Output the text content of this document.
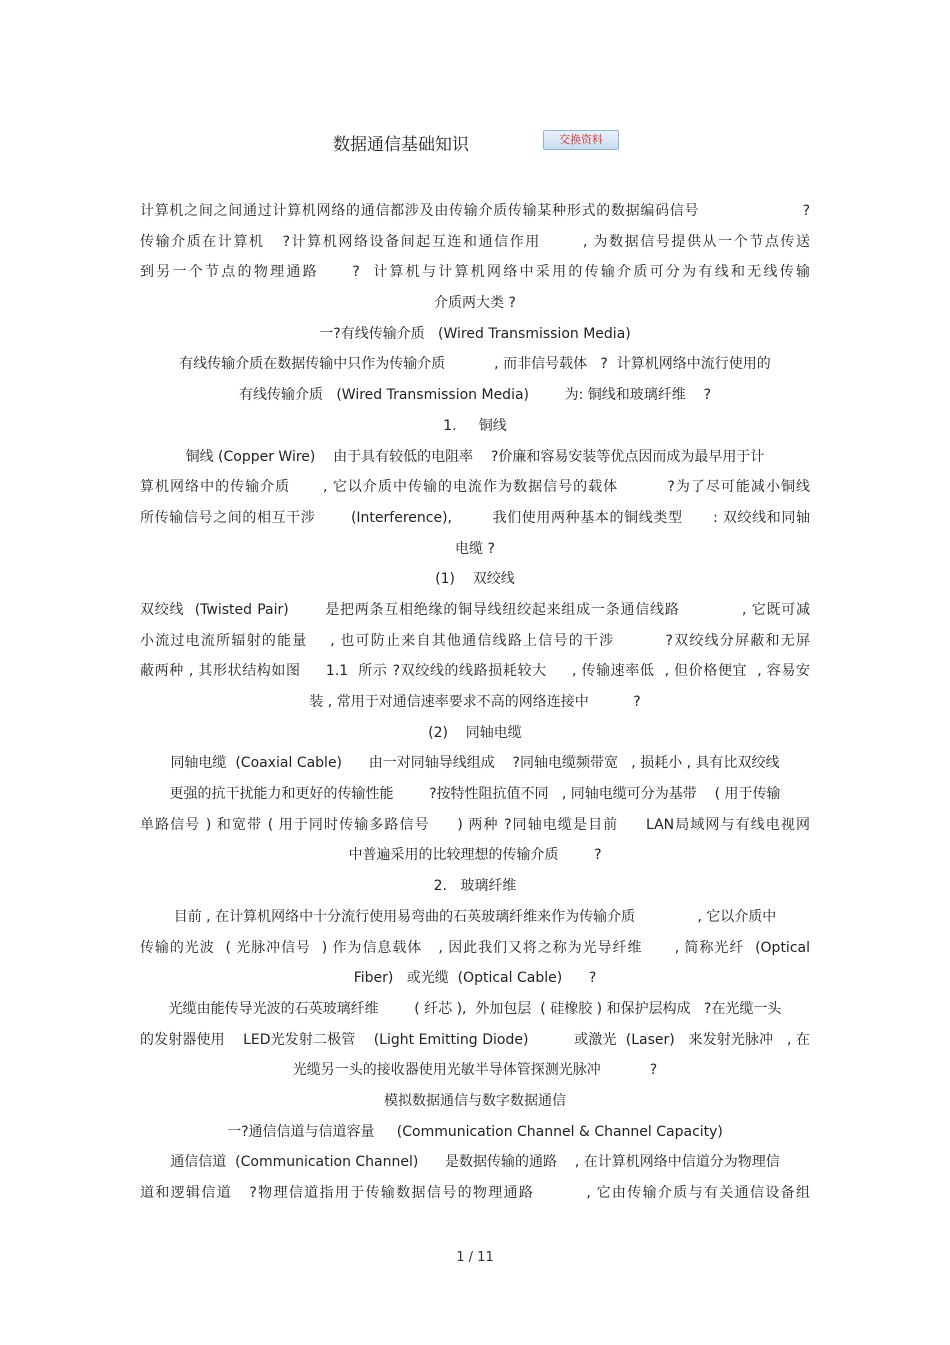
数据通信基础知识	交换资料
计算机之间之间通过计算机网络的通信都涉及由传输介质传输某种形式的数据编码信号                    ?
传输介质在计算机   ?计算机网络设备间起互连和通信作用       , 为数据信号提供从一个节点传送
到另一个节点的物理通路     ?  计算机与计算机网络中采用的传输介质可分为有线和无线传输
介质两大类 ?
一?有线传输介质   (Wired Transmission Media)
有线传输介质在数据传输中只作为传输介质           , 而非信号载体   ?  计算机网络中流行使用的
有线传输介质   (Wired Transmission Media)        为: 铜线和玻璃纤维    ?
1.     铜线
铜线 (Copper Wire)    由于具有较低的电阻率    ?价廉和容易安装等优点因而成为最早用于计
算机网络中的传输介质      , 它以介质中传输的电流作为数据信号的载体         ?为了尽可能减小铜线
所传输信号之间的相互干涉       (Interference),        我们使用两种基本的铜线类型      : 双绞线和同轴
电缆 ?
(1)    双绞线
双绞线  (Twisted Pair)       是把两条互相绝缘的铜导线纽绞起来组成一条通信线路            , 它既可减
小流过电流所辐射的能量    , 也可防止来自其他通信线路上信号的干涉         ?双绞线分屏蔽和无屏
蔽两种 , 其形状结构如图     1.1  所示 ?双绞线的线路损耗较大     , 传输速率低  , 但价格便宜  , 容易安
装 , 常用于对通信速率要求不高的网络连接中          ?
(2)    同轴电缆
同轴电缆  (Coaxial Cable)      由一对同轴导线组成    ?同轴电缆频带宽   , 损耗小 , 具有比双绞线
更强的抗干扰能力和更好的传输性能        ?按特性阻抗值不同   , 同轴电缆可分为基带    ( 用于传输
单路信号 ) 和宽带 ( 用于同时传输多路信号     ) 两种 ?同轴电缆是目前     LAN局域网与有线电视网
中普遍采用的比较理想的传输介质        ?
2.   玻璃纤维
目前 , 在计算机网络中十分流行使用易弯曲的石英玻璃纤维来作为传输介质              , 它以介质中
传输的光波  ( 光脉冲信号  ) 作为信息载体   , 因此我们又将之称为光导纤维      , 简称光纤  (Optical
Fiber)   或光缆  (Optical Cable)      ?
光缆由能传导光波的石英玻璃纤维        ( 纤芯 ),  外加包层  ( 硅橡胶 ) 和保护层构成   ?在光缆一头
的发射器使用    LED光发射二极管    (Light Emitting Diode)          或激光  (Laser)   来发射光脉冲   , 在
光缆另一头的接收器使用光敏半导体管探测光脉冲           ?
模拟数据通信与数字数据通信
一?通信信道与信道容量     (Communication Channel & Channel Capacity)
通信信道  (Communication Channel)      是数据传输的通路    , 在计算机网络中信道分为物理信
道和逻辑信道   ?物理信道指用于传输数据信号的物理通路         , 它由传输介质与有关通信设备组
1 / 11
